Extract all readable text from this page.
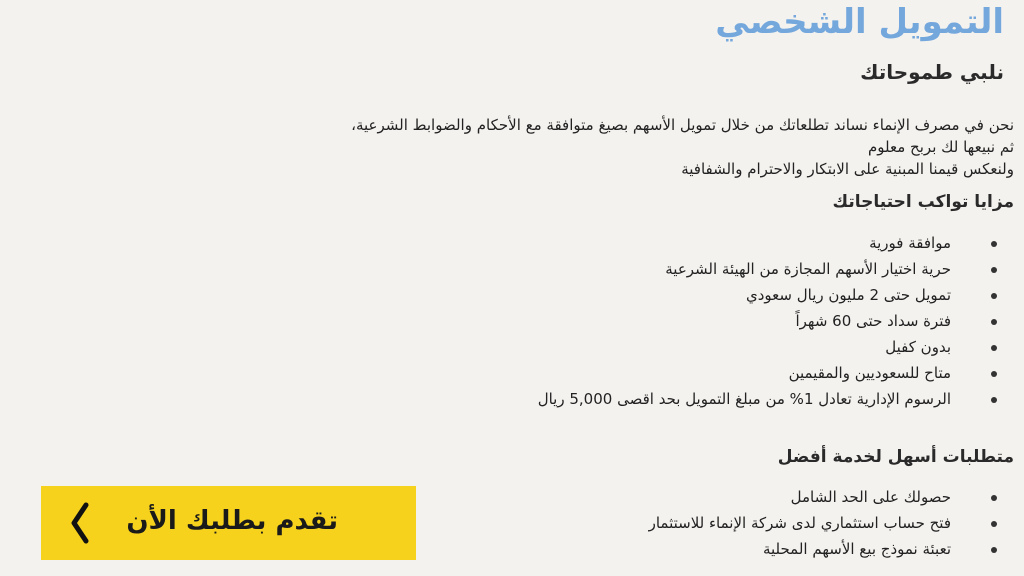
التمويل الشخصي
نلبي طموحاتك

نحن في مصرف الإنماء نساند تطلعاتك من خلال تمويل الأسهم بصيغ متوافقة مع الأحكام والضوابط الشرعية،

ثم نبيعها لك بربح معلوم

ولنعكس قيمنا المبنية على الابتكار والاحترام والشفافية

مزايا تواكب احتياجاتك
موافقة فورية
حرية اختيار الأسهم المجازة من الهيئة الشرعية
تمويل حتى 2 مليون ريال سعودي
فترة سداد حتى 60 شهراً
بدون كفيل
متاح للسعوديين والمقيمين
الرسوم الإدارية تعادل 1% من مبلغ التمويل بحد اقصى 5,000 ريال
متطلبات أسهل لخدمة أفضل
حصولك على الحد الشامل
فتح حساب استثماري لدى شركة الإنماء للاستثمار
تعبئة نموذج بيع الأسهم المحلية
تقدم بطلبك الأن
